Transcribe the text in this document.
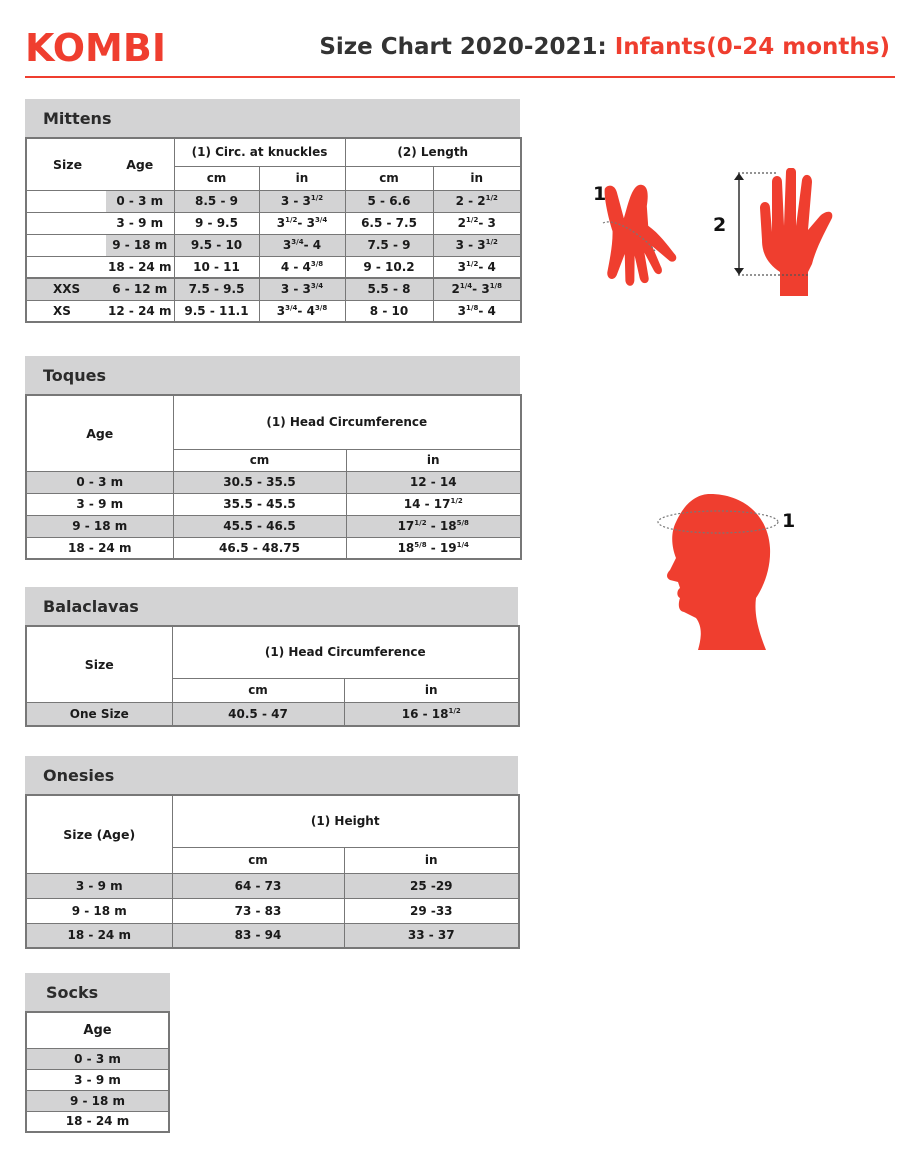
KOMBI	Size Chart 2020-2021: Infants(0-24 months)
Mittens
Size	Age	(1) Circ. at knuckles		(2) Length	
		cm	in	cm	in
	0 - 3 m	8.5 - 9	$3 - 3^{1/2}$	5 - 6.6	$2 - 2^{1/2}$
	3 - 9 m	9 - 9.5	$3^{1/2}-$ $3^{3/4}$	6.5 - 7.5	$2^{1/2}-$ 3
	9 - 18 m	9.5 - 10	$3^{3/4}-$ 4	7.5 - 9	$3 - 3^{1/2}$
	18 - 24 m	10 - 11	$4 - 4^{3/8}$	9 - 10.2	$3^{1/2}-$ 4
XXS	6 - 12 m	7.5 - 9.5	$3 - 3^{3/4}$	5.5 - 8	$2^{1/4}-$ $3^{1/8}$
XS	12 - 24 m	9.5 - 11.1	$3^{3/4}-$ $4^{3/8}$	8 - 10	$3^{1/8}-$ 4
Toques
Age	(1) Head Circumference	
	cm	in
0 - 3 m	30.5 - 35.5	12 - 14
3 - 9 m	35.5 - 45.5	$14 - 17^{1/2}$
9 - 18 m	45.5 - 46.5	$17^{1/2} - 18^{5/8}$
18 - 24 m	46.5 - 48.75	$18^{5/8} - 19^{1/4}$
Balaclavas
Size	(1) Head Circumference	
	cm	in
One Size	40.5 - 47	$16 - 18^{1/2}$
Onesies
Size (Age)	(1) Height	
	cm	in
3 - 9 m	64 - 73	25 -29
9 - 18 m	73 - 83	29 -33
18 - 24 m	83 - 94	33 - 37
Socks
Age
0 - 3 m
3 - 9 m
9 - 18 m
18 - 24 m
1
2
1
